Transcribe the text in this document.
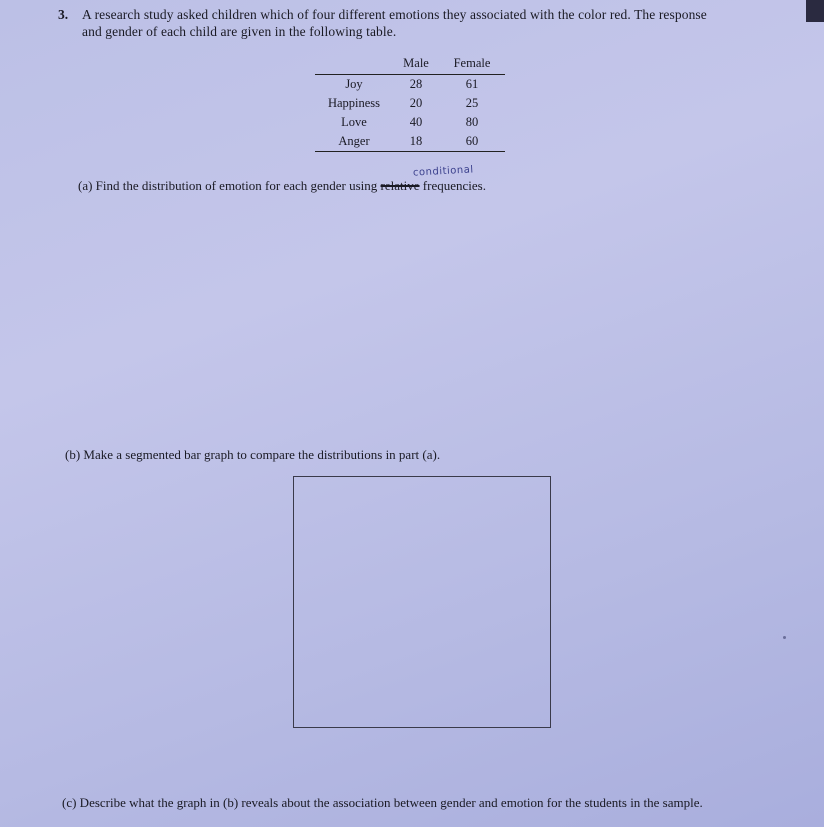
3. A research study asked children which of four different emotions they associated with the color red. The response
and gender of each child are given in the following table.
	Male	Female
Joy	28	61
Happiness	20	25
Love	40	80
Anger	18	60
conditional
(a) Find the distribution of emotion for each gender using relative frequencies.
(b) Make a segmented bar graph to compare the distributions in part (a).
(c) Describe what the graph in (b) reveals about the association between gender and emotion for the students in the sample.
